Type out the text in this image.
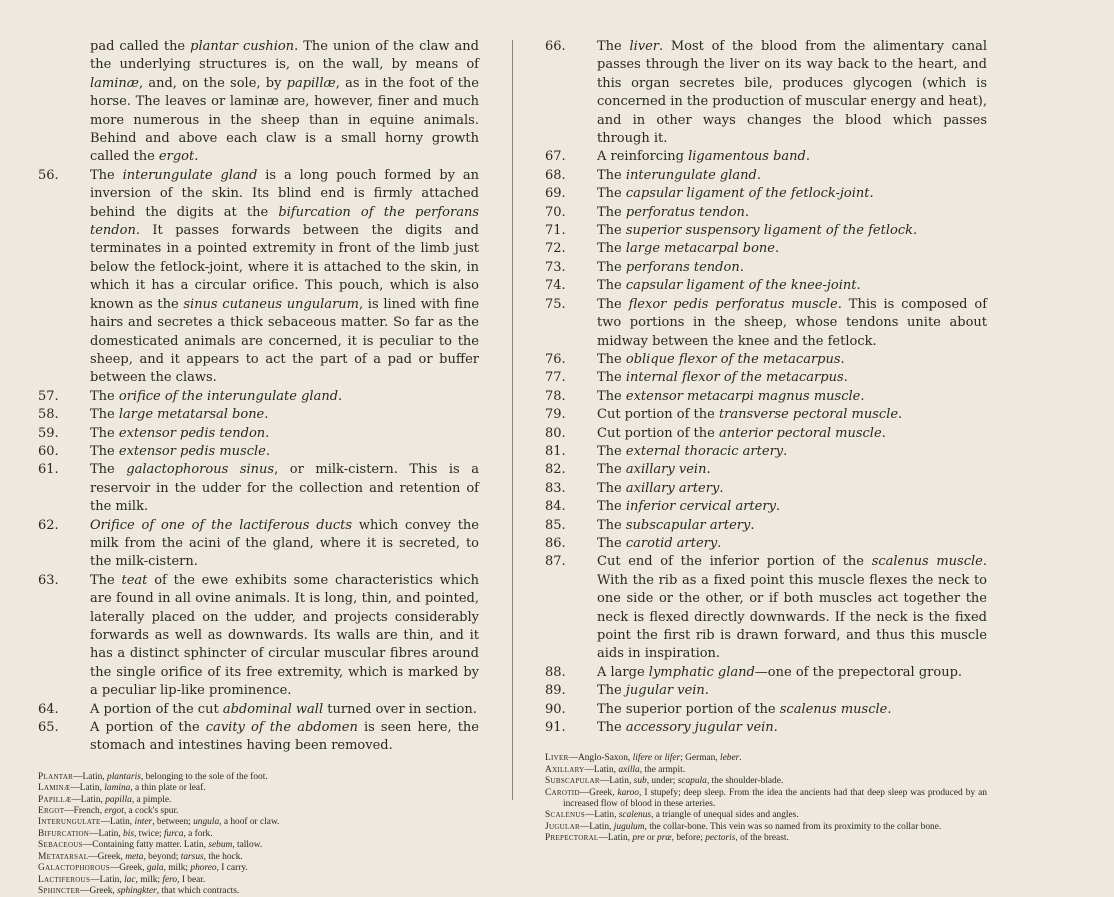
pad called the plantar cushion. The union of the claw and the underlying structures is, on the wall, by means of laminæ, and, on the sole, by papillæ, as in the foot of the horse. The leaves or laminæ are, however, finer and much more numerous in the sheep than in equine animals. Behind and above each claw is a small horny growth called the ergot.
56.	The interungulate gland is a long pouch formed by an inversion of the skin. Its blind end is firmly attached behind the digits at the bifurcation of the perforans tendon. It passes forwards between the digits and terminates in a pointed extremity in front of the limb just below the fetlock-joint, where it is attached to the skin, in which it has a circular orifice. This pouch, which is also known as the sinus cutaneus ungularum, is lined with fine hairs and secretes a thick sebaceous matter. So far as the domesticated animals are concerned, it is peculiar to the sheep, and it appears to act the part of a pad or buffer between the claws.
57.	The orifice of the interungulate gland.
58.	The large metatarsal bone.
59.	The extensor pedis tendon.
60.	The extensor pedis muscle.
61.	The galactophorous sinus, or milk-cistern. This is a reservoir in the udder for the collection and retention of the milk.
62.	Orifice of one of the lactiferous ducts which convey the milk from the acini of the gland, where it is secreted, to the milk-cistern.
63.	The teat of the ewe exhibits some characteristics which are found in all ovine animals. It is long, thin, and pointed, laterally placed on the udder, and projects considerably forwards as well as downwards. Its walls are thin, and it has a distinct sphincter of circular muscular fibres around the single orifice of its free extremity, which is marked by a peculiar lip-like prominence.
64.	A portion of the cut abdominal wall turned over in section.
65.	A portion of the cavity of the abdomen is seen here, the stomach and intestines having been removed.
Plantar—Latin, plantaris, belonging to the sole of the foot.
Laminæ—Latin, lamina, a thin plate or leaf.
Papillæ—Latin, papilla, a pimple.
Ergot—French, ergot, a cock's spur.
Interungulate—Latin, inter, between; ungula, a hoof or claw.
Bifurcation—Latin, bis, twice; furca, a fork.
Sebaceous—Containing fatty matter. Latin, sebum, tallow.
Metatarsal—Greek, meta, beyond; tarsus, the hock.
Galactophorous—Greek, gala, milk; phoreo, I carry.
Lactiferous—Latin, lac, milk; fero, I bear.
Sphincter—Greek, sphingkter, that which contracts.
66.	The liver. Most of the blood from the alimentary canal passes through the liver on its way back to the heart, and this organ secretes bile, produces glycogen (which is concerned in the production of muscular energy and heat), and in other ways changes the blood which passes through it.
67.	A reinforcing ligamentous band.
68.	The interungulate gland.
69.	The capsular ligament of the fetlock-joint.
70.	The perforatus tendon.
71.	The superior suspensory ligament of the fetlock.
72.	The large metacarpal bone.
73.	The perforans tendon.
74.	The capsular ligament of the knee-joint.
75.	The flexor pedis perforatus muscle. This is composed of two portions in the sheep, whose tendons unite about midway between the knee and the fetlock.
76.	The oblique flexor of the metacarpus.
77.	The internal flexor of the metacarpus.
78.	The extensor metacarpi magnus muscle.
79.	Cut portion of the transverse pectoral muscle.
80.	Cut portion of the anterior pectoral muscle.
81.	The external thoracic artery.
82.	The axillary vein.
83.	The axillary artery.
84.	The inferior cervical artery.
85.	The subscapular artery.
86.	The carotid artery.
87.	Cut end of the inferior portion of the scalenus muscle. With the rib as a fixed point this muscle flexes the neck to one side or the other, or if both muscles act together the neck is flexed directly downwards. If the neck is the fixed point the first rib is drawn forward, and thus this muscle aids in inspiration.
88.	A large lymphatic gland—one of the prepectoral group.
89.	The jugular vein.
90.	The superior portion of the scalenus muscle.
91.	The accessory jugular vein.
Liver—Anglo-Saxon, lifere or lifer; German, leber.
Axillary—Latin, axilla, the armpit.
Subscapular—Latin, sub, under; scapula, the shoulder-blade.
Carotid—Greek, karoo, I stupefy; deep sleep. From the idea the ancients had that deep sleep was produced by an increased flow of blood in these arteries.
Scalenus—Latin, scalenus, a triangle of unequal sides and angles.
Jugular—Latin, jugulum, the collar-bone. This vein was so named from its proximity to the collar bone.
Prepectoral—Latin, pre or præ, before; pectoris, of the breast.
